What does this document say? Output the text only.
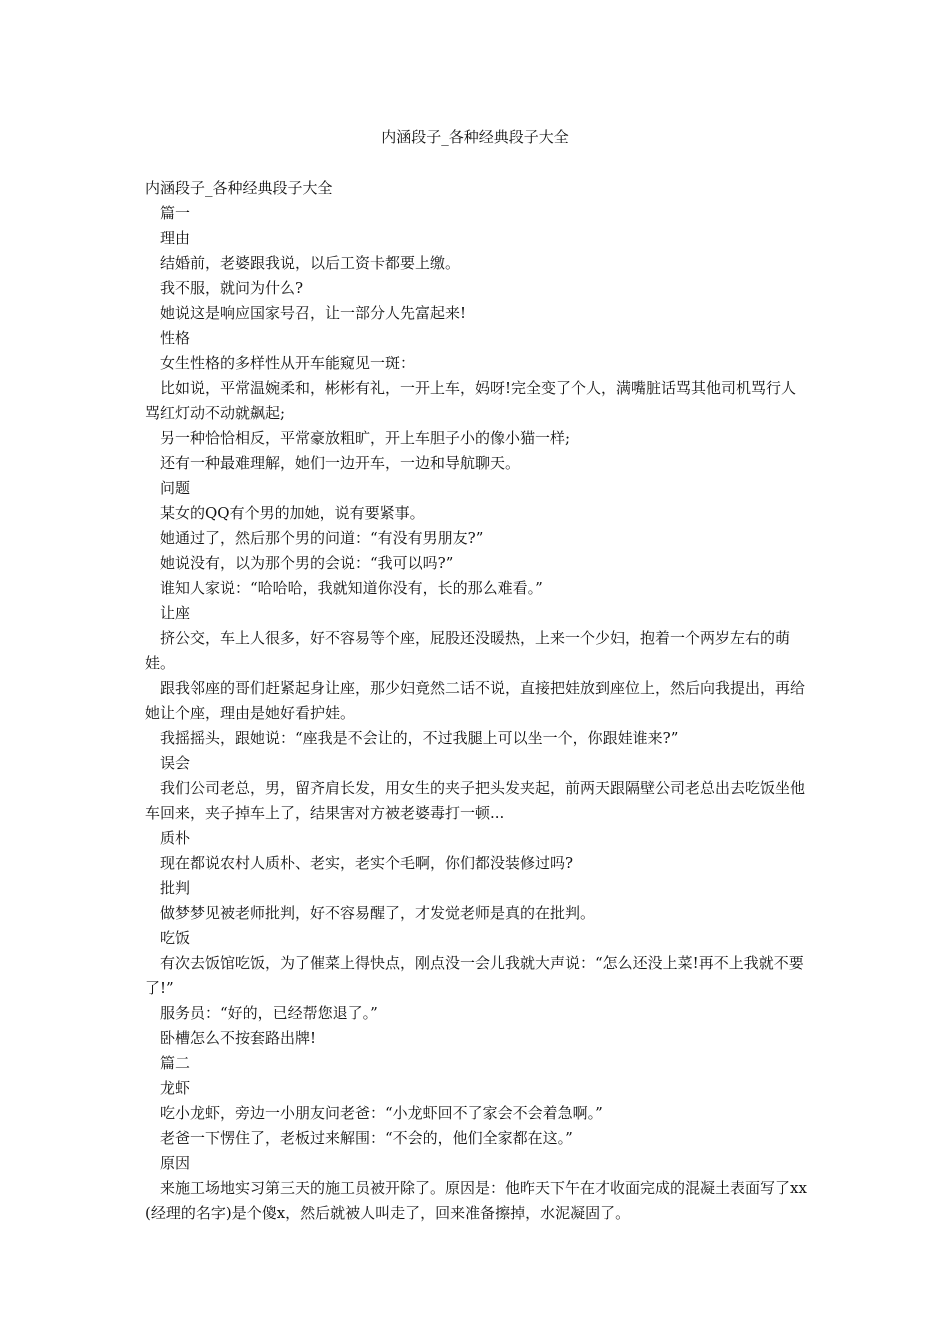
内涵段子_各种经典段子大全

内涵段子_各种经典段子大全

篇一

理由

结婚前，老婆跟我说，以后工资卡都要上缴。

我不服，就问为什么?

她说这是响应国家号召，让一部分人先富起来!

性格

女生性格的多样性从开车能窥见一斑：

比如说，平常温婉柔和，彬彬有礼，一开上车，妈呀!完全变了个人，满嘴脏话骂其他司机骂行人骂红灯动不动就飙起;

另一种恰恰相反，平常豪放粗旷，开上车胆子小的像小猫一样;

还有一种最难理解，她们一边开车，一边和导航聊天。

问题

某女的QQ有个男的加她，说有要紧事。

她通过了，然后那个男的问道：“有没有男朋友?”

她说没有，以为那个男的会说：“我可以吗?”

谁知人家说：“哈哈哈，我就知道你没有，长的那么难看。”

让座

挤公交，车上人很多，好不容易等个座，屁股还没暖热，上来一个少妇，抱着一个两岁左右的萌娃。

跟我邻座的哥们赶紧起身让座，那少妇竟然二话不说，直接把娃放到座位上，然后向我提出，再给她让个座，理由是她好看护娃。

我摇摇头，跟她说：“座我是不会让的，不过我腿上可以坐一个，你跟娃谁来?”

误会

我们公司老总，男，留齐肩长发，用女生的夹子把头发夹起，前两天跟隔壁公司老总出去吃饭坐他车回来，夹子掉车上了，结果害对方被老婆毒打一顿...

质朴

现在都说农村人质朴、老实，老实个毛啊，你们都没装修过吗?

批判

做梦梦见被老师批判，好不容易醒了，才发觉老师是真的在批判。

吃饭

有次去饭馆吃饭，为了催菜上得快点，刚点没一会儿我就大声说：“怎么还没上菜!再不上我就不要了!”

服务员：“好的，已经帮您退了。”

卧槽怎么不按套路出牌!

篇二

龙虾

吃小龙虾，旁边一小朋友问老爸：“小龙虾回不了家会不会着急啊。”

老爸一下愣住了，老板过来解围：“不会的，他们全家都在这。”

原因

来施工场地实习第三天的施工员被开除了。原因是：他昨天下午在才收面完成的混凝土表面写了xx(经理的名字)是个傻x，然后就被人叫走了，回来准备擦掉，水泥凝固了。
